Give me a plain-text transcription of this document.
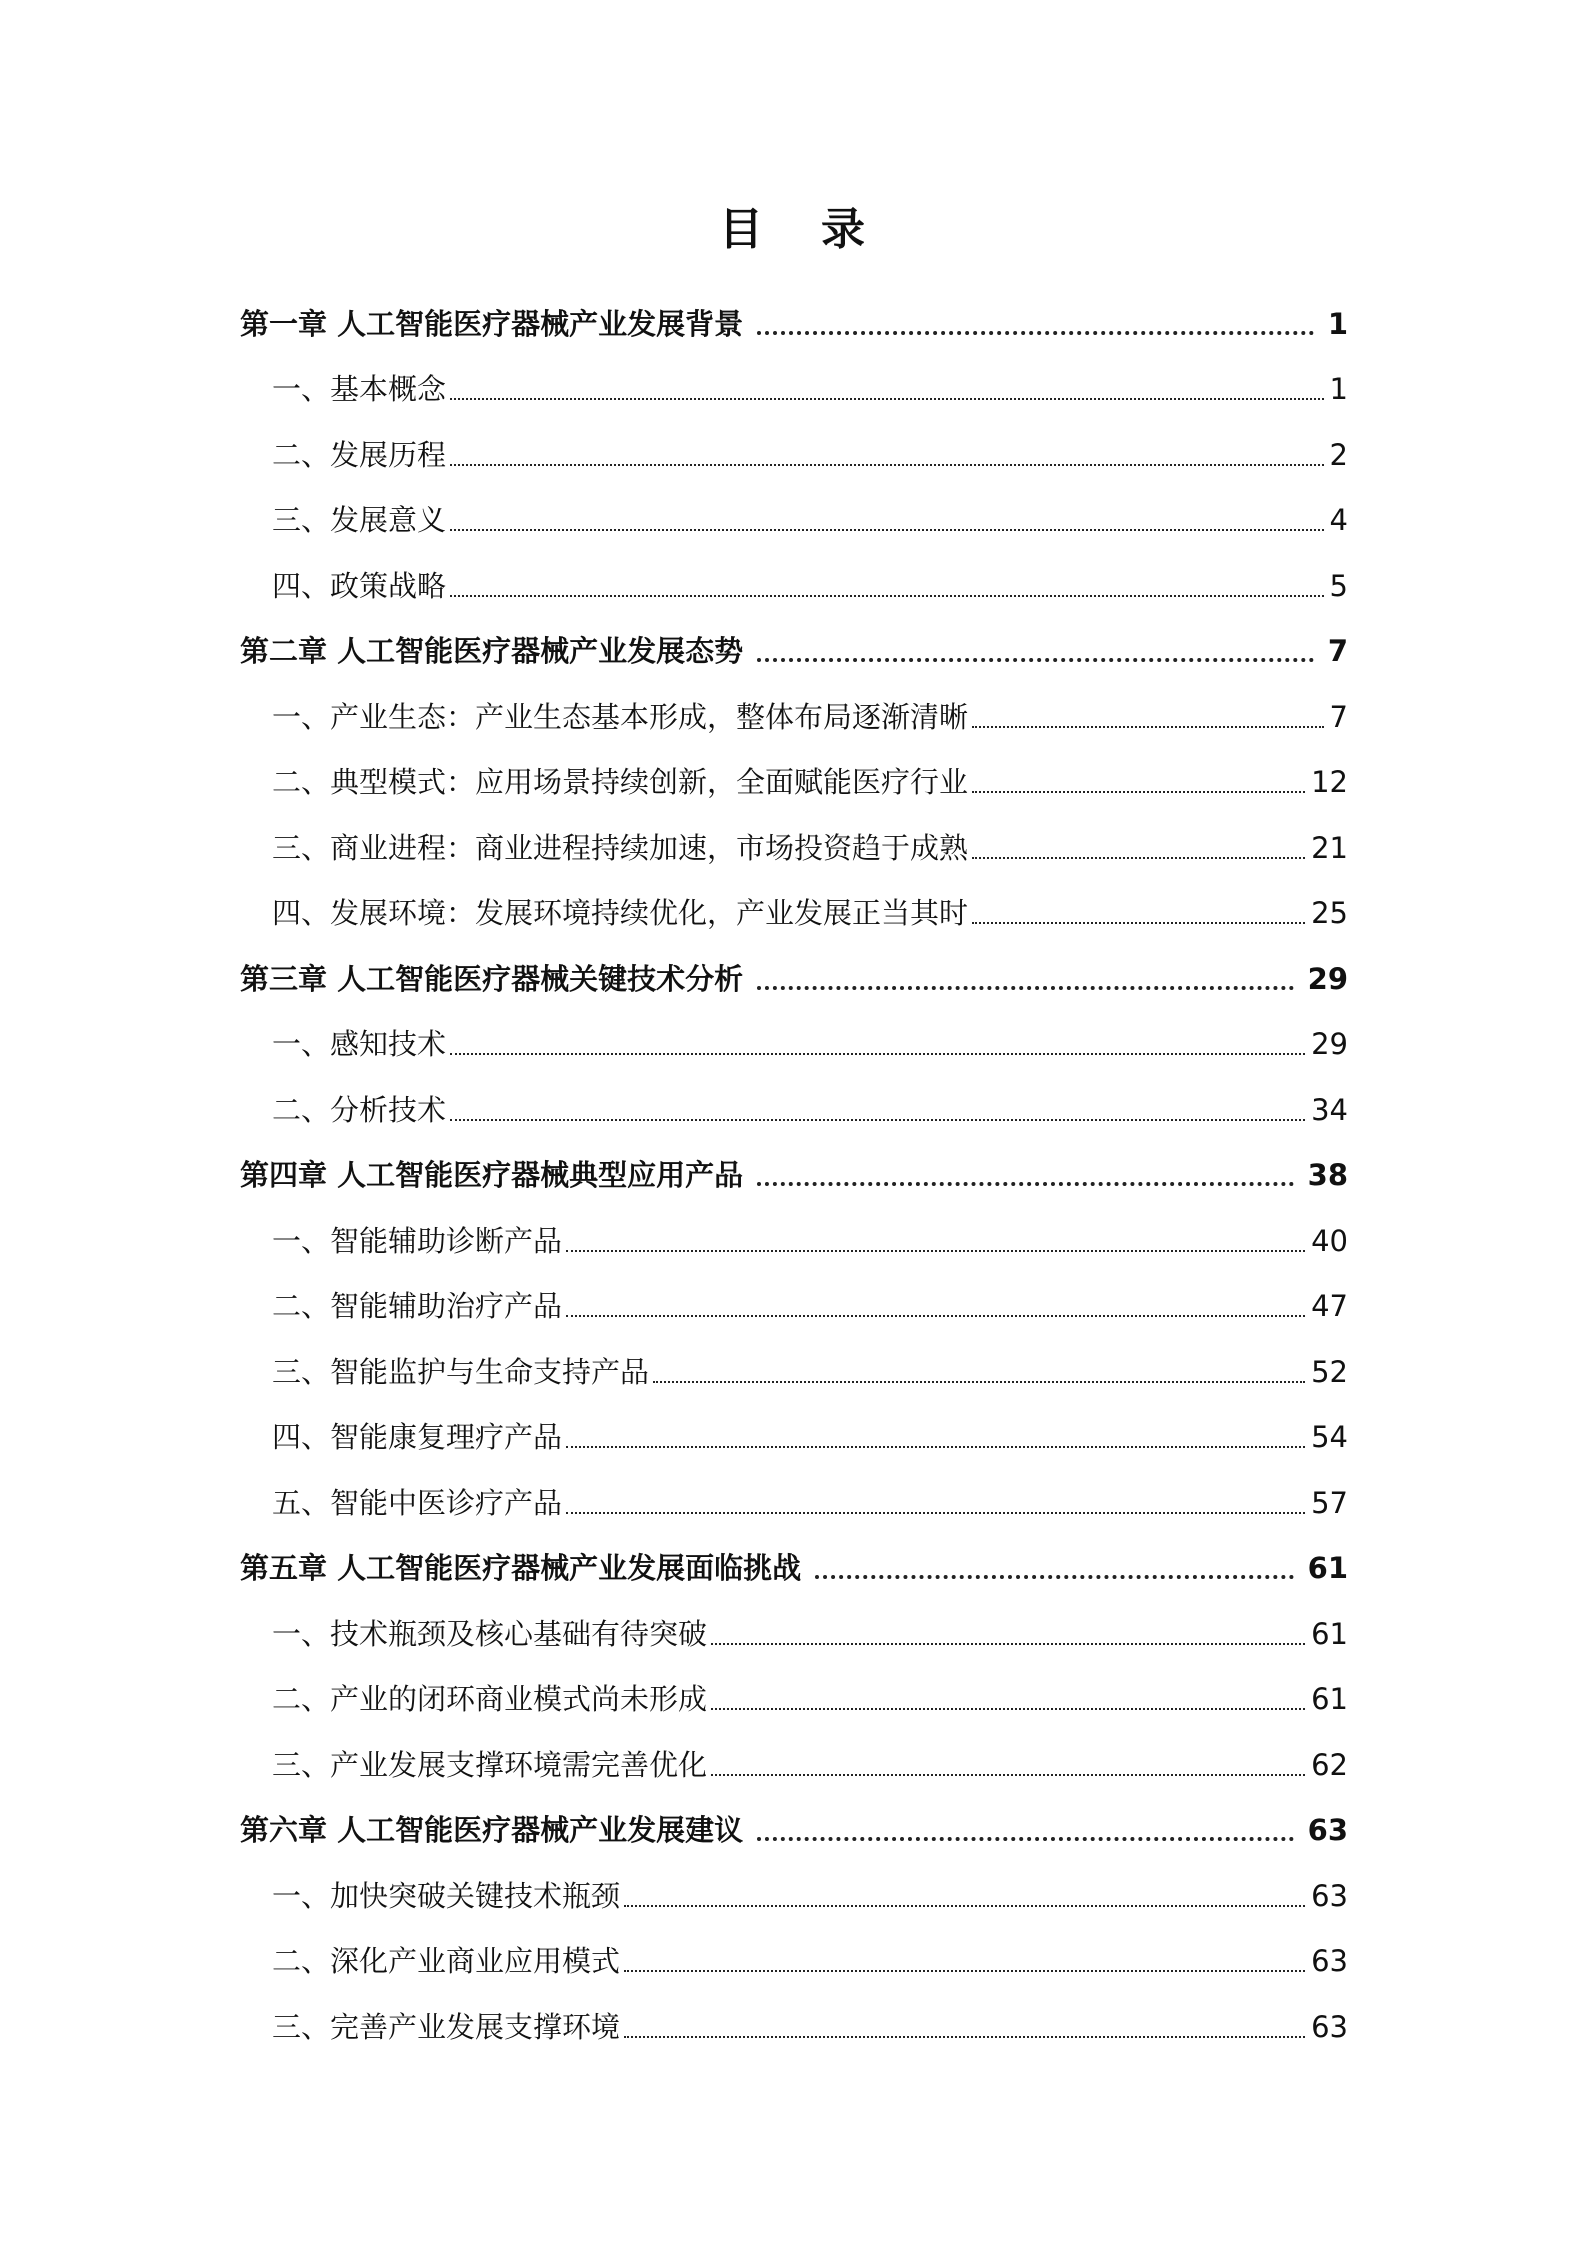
目 录
第一章 人工智能医疗器械产业发展背景	1
一、基本概念	1
二、发展历程	2
三、发展意义	4
四、政策战略	5
第二章 人工智能医疗器械产业发展态势	7
一、产业生态：产业生态基本形成，整体布局逐渐清晰	7
二、典型模式：应用场景持续创新，全面赋能医疗行业	12
三、商业进程：商业进程持续加速，市场投资趋于成熟	21
四、发展环境：发展环境持续优化，产业发展正当其时	25
第三章 人工智能医疗器械关键技术分析	29
一、感知技术	29
二、分析技术	34
第四章 人工智能医疗器械典型应用产品	38
一、智能辅助诊断产品	40
二、智能辅助治疗产品	47
三、智能监护与生命支持产品	52
四、智能康复理疗产品	54
五、智能中医诊疗产品	57
第五章 人工智能医疗器械产业发展面临挑战	61
一、技术瓶颈及核心基础有待突破	61
二、产业的闭环商业模式尚未形成	61
三、产业发展支撑环境需完善优化	62
第六章 人工智能医疗器械产业发展建议	63
一、加快突破关键技术瓶颈	63
二、深化产业商业应用模式	63
三、完善产业发展支撑环境	63
